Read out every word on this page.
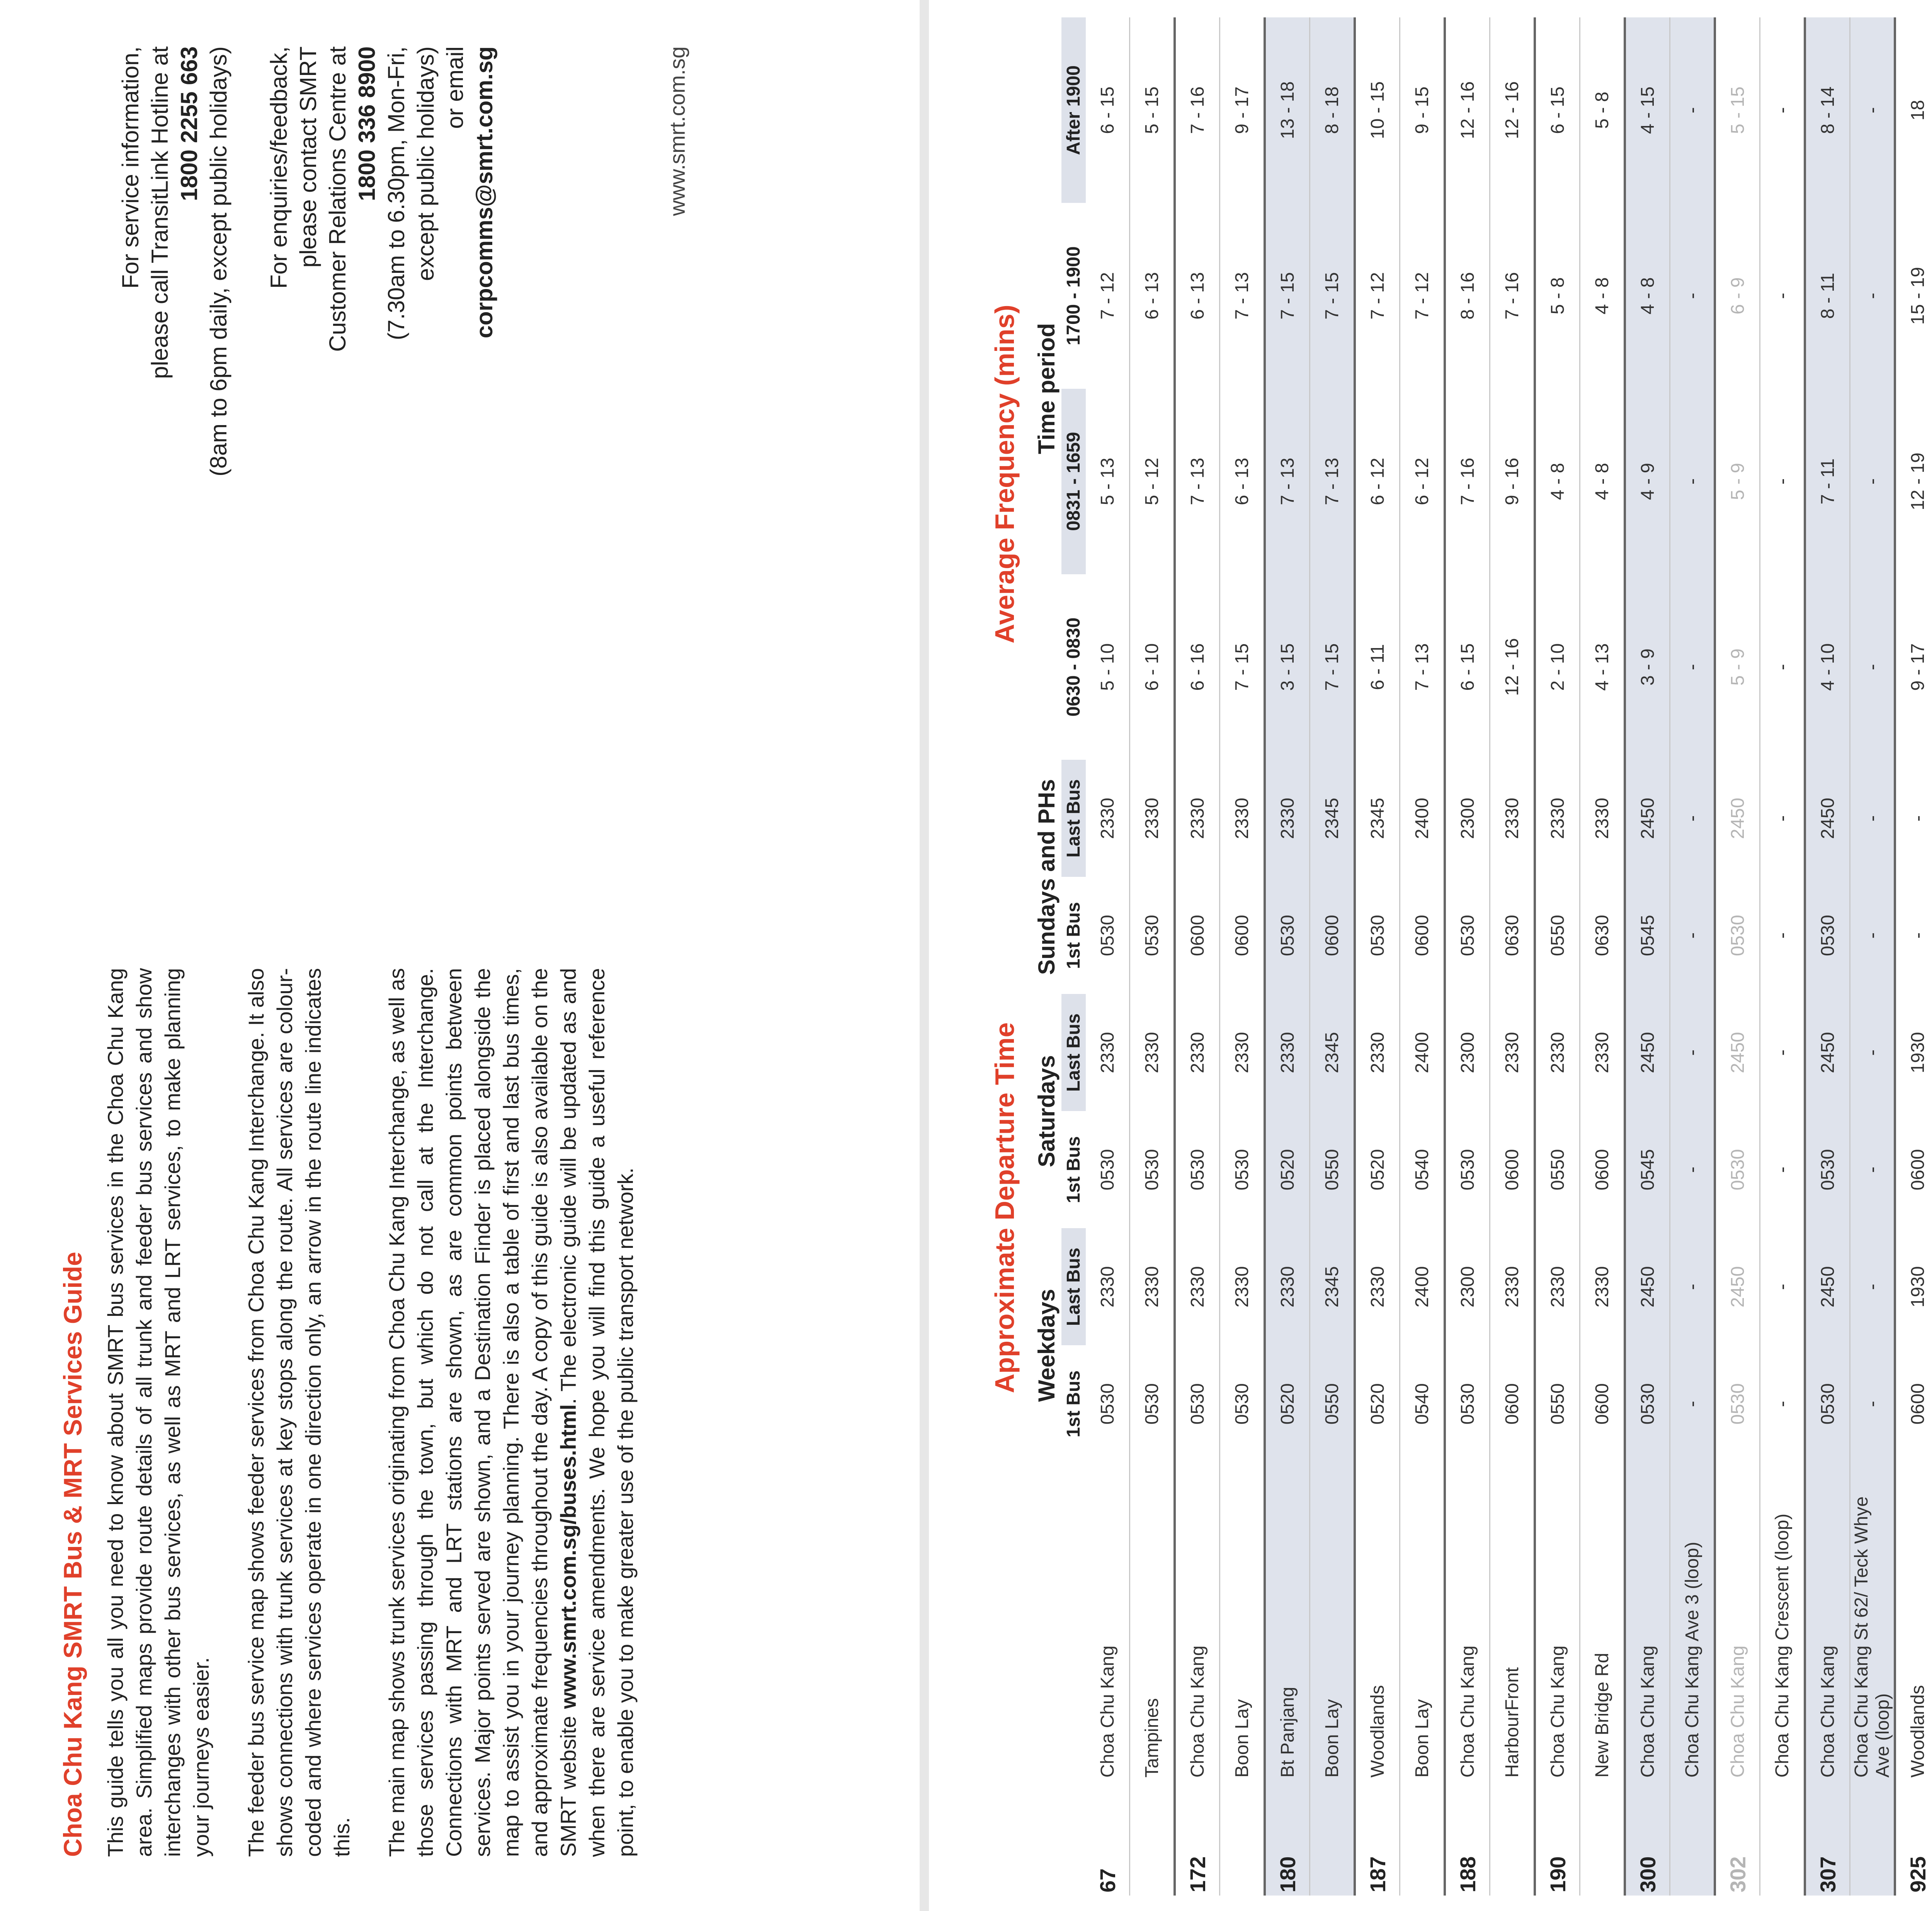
Choa Chu Kang SMRT Bus & MRT Services Guide This guide tells you all you need to know about SMRT bus services in the Choa Chu Kang area. Simplified maps provide route details of all trunk and feeder bus services and show interchanges with other bus services, as well as MRT and LRT services, to make planning your journeys easier. The feeder bus service map shows feeder services from Choa Chu Kang Interchange. It also shows connections with trunk services at key stops along the route. All services are colour-coded and where services operate in one direction only, an arrow in the route line indicates this. The main map shows trunk services originating from Choa Chu Kang Interchange, as well as those services passing through the town, but which do not call at the Interchange. Connections with MRT and LRT stations are shown, as are common points between services. Major points served are shown, and a Destination Finder is placed alongside the map to assist you in your journey planning. There is also a table of first and last bus times, and approximate frequencies throughout the day. A copy of this guide is also available on the SMRT website www.smrt.com.sg/buses.html. The electronic guide will be updated as and when there are service amendments. We hope you will find this guide a useful reference point, to enable you to make greater use of the public transport network.

For service information, please call TransitLink Hotline at 1800 2255 663 (8am to 6pm daily, except public holidays) For enquiries/feedback, please contact SMRT Customer Relations Centre at 1800 336 8900 (7.30am to 6.30pm, Mon-Fri, except public holidays) or email corpcomms@smrt.com.sg	www.smrt.com.sg
Approximate Departure Time
Average Frequency (mins)
		Weekdays		Saturdays		Sundays and PHs		Time period			
		1st Bus	Last Bus	1st Bus	Last Bus	1st Bus	Last Bus	0630 - 0830	0831 - 1659	1700 - 1900	After 1900
67	Choa Chu Kang	0530	2330	0530	2330	0530	2330	5 - 10	5 - 13	7 - 12	6 - 15
	Tampines	0530	2330	0530	2330	0530	2330	6 - 10	5 - 12	6 - 13	5 - 15
172	Choa Chu Kang	0530	2330	0530	2330	0600	2330	6 - 16	7 - 13	6 - 13	7 - 16
	Boon Lay	0530	2330	0530	2330	0600	2330	7 - 15	6 - 13	7 - 13	9 - 17
180	Bt Panjang	0520	2330	0520	2330	0530	2330	3 - 15	7 - 13	7 - 15	13 - 18
	Boon Lay	0550	2345	0550	2345	0600	2345	7 - 15	7 - 13	7 - 15	8 - 18
187	Woodlands	0520	2330	0520	2330	0530	2345	6 - 11	6 - 12	7 - 12	10 - 15
	Boon Lay	0540	2400	0540	2400	0600	2400	7 - 13	6 - 12	7 - 12	9 - 15
188	Choa Chu Kang	0530	2300	0530	2300	0530	2300	6 - 15	7 - 16	8 - 16	12 - 16
	HarbourFront	0600	2330	0600	2330	0630	2330	12 - 16	9 - 16	7 - 16	12 - 16
190	Choa Chu Kang	0550	2330	0550	2330	0550	2330	2 - 10	4 - 8	5 - 8	6 - 15
	New Bridge Rd	0600	2330	0600	2330	0630	2330	4 - 13	4 - 8	4 - 8	5 - 8
300	Choa Chu Kang	0530	2450	0545	2450	0545	2450	3 - 9	4 - 9	4 - 8	4 - 15
	Choa Chu Kang Ave 3 (loop)	-	-	-	-	-	-	-	-	-	-
302	Choa Chu Kang	0530	2450	0530	2450	0530	2450	5 - 9	5 - 9	6 - 9	5 - 15
	Choa Chu Kang Crescent (loop)	-	-	-	-	-	-	-	-	-	-
307	Choa Chu Kang	0530	2450	0530	2450	0530	2450	4 - 10	7 - 11	8 - 11	8 - 14
	Choa Chu Kang St 62/ Teck Whye Ave (loop)	-	-	-	-	-	-	-	-	-	-
925	Woodlands	0600	1930	0600	1930	-	-	9 - 17	12 - 19	15 - 19	18
